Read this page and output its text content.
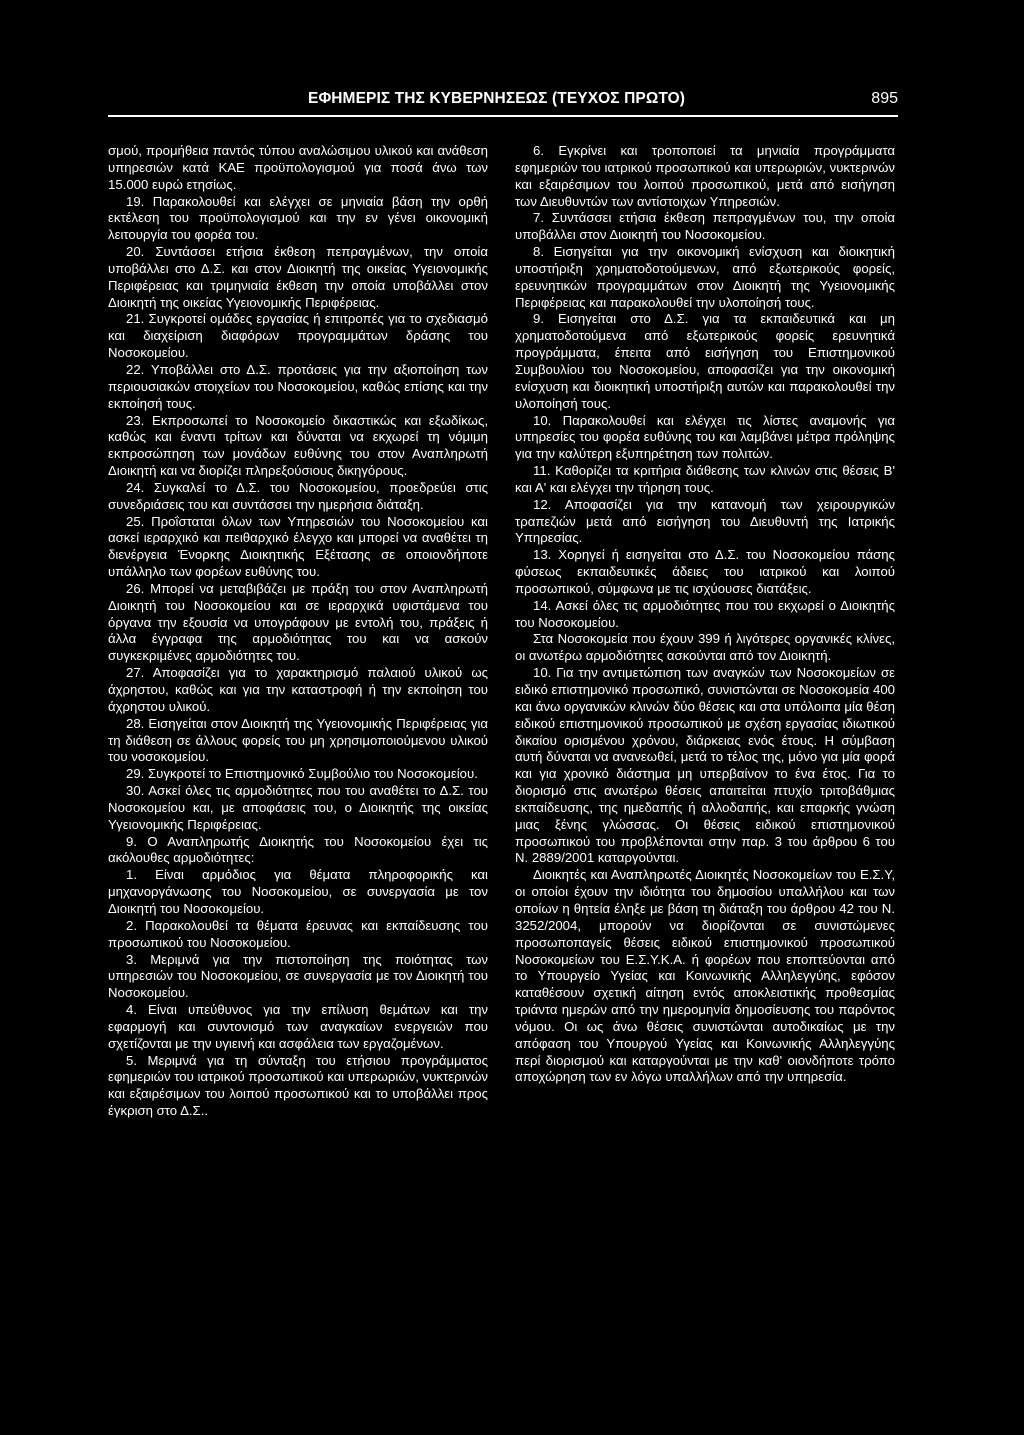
ΕΦΗΜΕΡΙΣ ΤΗΣ ΚΥΒΕΡΝΗΣΕΩΣ (ΤΕΥΧΟΣ ΠΡΩΤΟ)	895

σμού, προμήθεια παντός τύπου αναλώσιμου υλικού και ανάθεση υπηρεσιών κατά ΚΑΕ προϋπολογισμού για ποσά άνω των 15.000 ευρώ ετησίως.

19. Παρακολουθεί και ελέγχει σε μηνιαία βάση την ορθή εκτέλεση του προϋπολογισμού και την εν γένει οικονομική λειτουργία του φορέα του.

20. Συντάσσει ετήσια έκθεση πεπραγμένων, την οποία υποβάλλει στο Δ.Σ. και στον Διοικητή της οικείας Υγειονομικής Περιφέρειας και τριμηνιαία έκθεση την οποία υποβάλλει στον Διοικητή της οικείας Υγειονομικής Περιφέρειας.

21. Συγκροτεί ομάδες εργασίας ή επιτροπές για το σχεδιασμό και διαχείριση διαφόρων προγραμμάτων δράσης του Νοσοκομείου.

22. Υποβάλλει στο Δ.Σ. προτάσεις για την αξιοποίηση των περιουσιακών στοιχείων του Νοσοκομείου, καθώς επίσης και την εκποίησή τους.

23. Εκπροσωπεί το Νοσοκομείο δικαστικώς και εξωδίκως, καθώς και έναντι τρίτων και δύναται να εκχωρεί τη νόμιμη εκπροσώπηση των μονάδων ευθύνης του στον Αναπληρωτή Διοικητή και να διορίζει πληρεξούσιους δικηγόρους.

24. Συγκαλεί το Δ.Σ. του Νοσοκομείου, προεδρεύει στις συνεδριάσεις του και συντάσσει την ημερήσια διάταξη.

25. Προΐσταται όλων των Υπηρεσιών του Νοσοκομείου και ασκεί ιεραρχικό και πειθαρχικό έλεγχο και μπορεί να αναθέτει τη διενέργεια Ένορκης Διοικητικής Εξέτασης σε οποιονδήποτε υπάλληλο των φορέων ευθύνης του.

26. Μπορεί να μεταβιβάζει με πράξη του στον Αναπληρωτή Διοικητή του Νοσοκομείου και σε ιεραρχικά υφιστάμενα του όργανα την εξουσία να υπογράφουν με εντολή του, πράξεις ή άλλα έγγραφα της αρμοδιότητας του και να ασκούν συγκεκριμένες αρμοδιότητες του.

27. Αποφασίζει για το χαρακτηρισμό παλαιού υλικού ως άχρηστου, καθώς και για την καταστροφή ή την εκποίηση του άχρηστου υλικού.

28. Εισηγείται στον Διοικητή της Υγειονομικής Περιφέρειας για τη διάθεση σε άλλους φορείς του μη χρησιμοποιούμενου υλικού του νοσοκομείου.

29. Συγκροτεί το Επιστημονικό Συμβούλιο του Νοσοκομείου.

30. Ασκεί όλες τις αρμοδιότητες που του αναθέτει το Δ.Σ. του Νοσοκομείου και, με αποφάσεις του, ο Διοικητής της οικείας Υγειονομικής Περιφέρειας.

9. Ο Αναπληρωτής Διοικητής του Νοσοκομείου έχει τις ακόλουθες αρμοδιότητες:

1. Είναι αρμόδιος για θέματα πληροφορικής και μηχανοργάνωσης του Νοσοκομείου, σε συνεργασία με τον Διοικητή του Νοσοκομείου.

2. Παρακολουθεί τα θέματα έρευνας και εκπαίδευσης του προσωπικού του Νοσοκομείου.

3. Μεριμνά για την πιστοποίηση της ποιότητας των υπηρεσιών του Νοσοκομείου, σε συνεργασία με τον Διοικητή του Νοσοκομείου.

4. Είναι υπεύθυνος για την επίλυση θεμάτων και την εφαρμογή και συντονισμό των αναγκαίων ενεργειών που σχετίζονται με την υγιεινή και ασφάλεια των εργαζομένων.

5. Μεριμνά για τη σύνταξη του ετήσιου προγράμματος εφημεριών του ιατρικού προσωπικού και υπερωριών, νυκτερινών και εξαιρέσιμων του λοιπού προσωπικού και το υποβάλλει προς έγκριση στο Δ.Σ..

6. Εγκρίνει και τροποποιεί τα μηνιαία προγράμματα εφημεριών του ιατρικού προσωπικού και υπερωριών, νυκτερινών και εξαιρέσιμων του λοιπού προσωπικού, μετά από εισήγηση των Διευθυντών των αντίστοιχων Υπηρεσιών.

7. Συντάσσει ετήσια έκθεση πεπραγμένων του, την οποία υποβάλλει στον Διοικητή του Νοσοκομείου.

8. Εισηγείται για την οικονομική ενίσχυση και διοικητική υποστήριξη χρηματοδοτούμενων, από εξωτερικούς φορείς, ερευνητικών προγραμμάτων στον Διοικητή της Υγειονομικής Περιφέρειας και παρακολουθεί την υλοποίησή τους.

9. Εισηγείται στο Δ.Σ. για τα εκπαιδευτικά και μη χρηματοδοτούμενα από εξωτερικούς φορείς ερευνητικά προγράμματα, έπειτα από εισήγηση του Επιστημονικού Συμβουλίου του Νοσοκομείου, αποφασίζει για την οικονομική ενίσχυση και διοικητική υποστήριξη αυτών και παρακολουθεί την υλοποίησή τους.

10. Παρακολουθεί και ελέγχει τις λίστες αναμονής για υπηρεσίες του φορέα ευθύνης του και λαμβάνει μέτρα πρόληψης για την καλύτερη εξυπηρέτηση των πολιτών.

11. Καθορίζει τα κριτήρια διάθεσης των κλινών στις θέσεις Β' και Α' και ελέγχει την τήρηση τους.

12. Αποφασίζει για την κατανομή των χειρουργικών τραπεζιών μετά από εισήγηση του Διευθυντή της Ιατρικής Υπηρεσίας.

13. Χορηγεί ή εισηγείται στο Δ.Σ. του Νοσοκομείου πάσης φύσεως εκπαιδευτικές άδειες του ιατρικού και λοιπού προσωπικού, σύμφωνα με τις ισχύουσες διατάξεις.

14. Ασκεί όλες τις αρμοδιότητες που του εκχωρεί ο Διοικητής του Νοσοκομείου.

Στα Νοσοκομεία που έχουν 399 ή λιγότερες οργανικές κλίνες, οι ανωτέρω αρμοδιότητες ασκούνται από τον Διοικητή.

10. Για την αντιμετώπιση των αναγκών των Νοσοκομείων σε ειδικό επιστημονικό προσωπικό, συνιστώνται σε Νοσοκομεία 400 και άνω οργανικών κλινών δύο θέσεις και στα υπόλοιπα μία θέση ειδικού επιστημονικού προσωπικού με σχέση εργασίας ιδιωτικού δικαίου ορισμένου χρόνου, διάρκειας ενός έτους. Η σύμβαση αυτή δύναται να ανανεωθεί, μετά το τέλος της, μόνο για μία φορά και για χρονικό διάστημα μη υπερβαίνον το ένα έτος. Για το διορισμό στις ανωτέρω θέσεις απαιτείται πτυχίο τριτοβάθμιας εκπαίδευσης, της ημεδαπής ή αλλοδαπής, και επαρκής γνώση μιας ξένης γλώσσας. Οι θέσεις ειδικού επιστημονικού προσωπικού του προβλέπονται στην παρ. 3 του άρθρου 6 του Ν. 2889/2001 καταργούνται.

Διοικητές και Αναπληρωτές Διοικητές Νοσοκομείων του Ε.Σ.Υ, οι οποίοι έχουν την ιδιότητα του δημοσίου υπαλλήλου και των οποίων η θητεία έληξε με βάση τη διάταξη του άρθρου 42 του Ν. 3252/2004, μπορούν να διορίζονται σε συνιστώμενες προσωποπαγείς θέσεις ειδικού επιστημονικού προσωπικού Νοσοκομείων του Ε.Σ.Υ.Κ.Α. ή φορέων που εποπτεύονται από το Υπουργείο Υγείας και Κοινωνικής Αλληλεγγύης, εφόσον καταθέσουν σχετική αίτηση εντός αποκλειστικής προθεσμίας τριάντα ημερών από την ημερομηνία δημοσίευσης του παρόντος νόμου. Οι ως άνω θέσεις συνιστώνται αυτοδικαίως με την απόφαση του Υπουργού Υγείας και Κοινωνικής Αλληλεγγύης περί διορισμού και καταργούνται με την καθ' οιονδήποτε τρόπο αποχώρηση των εν λόγω υπαλλήλων από την υπηρεσία.
